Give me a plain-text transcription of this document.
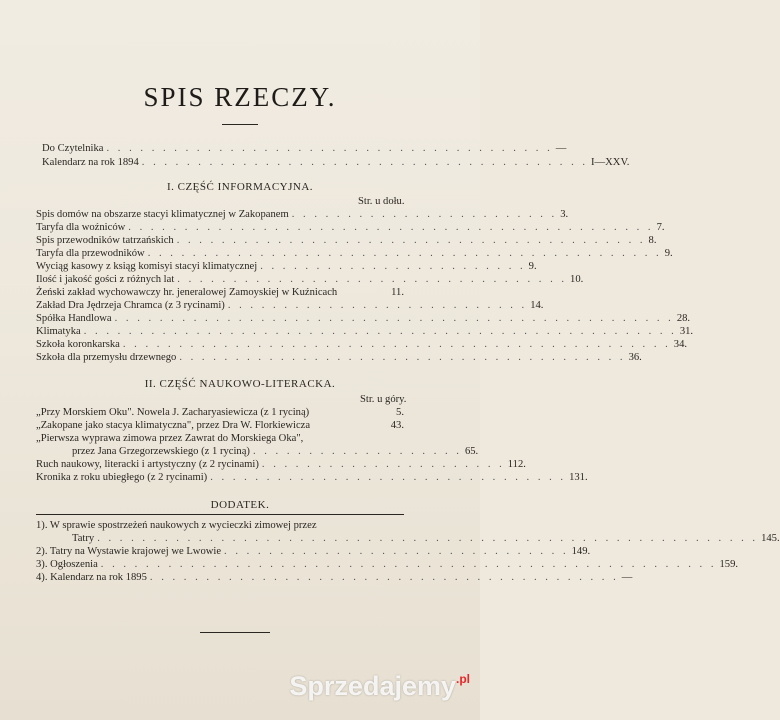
SPIS RZECZY.
Do Czytelnika . . . . . . . . . . . . . . . . . . . . . . . . . . . . . . . . . . . . . . . . —
Kalendarz na rok 1894 . . . . . . . . . . . . . . . . . . . . . . . . . . . . . . . . . . . . . . . . I—XXV.
I. CZĘŚĆ INFORMACYJNA.
Str. u dołu.
Spis domów na obszarze stacyi klimatycznej w Zakopanem . . . . . . . . . . . . . . . . . . . . . . . . 3.
Taryfa dla woźniców . . . . . . . . . . . . . . . . . . . . . . . . . . . . . . . . . . . . . . . . . . . . . . . 7.
Spis przewodników tatrzańskich . . . . . . . . . . . . . . . . . . . . . . . . . . . . . . . . . . . . . . . . . . 8.
Taryfa dla przewodników . . . . . . . . . . . . . . . . . . . . . . . . . . . . . . . . . . . . . . . . . . . . . . 9.
Wyciąg kasowy z ksiąg komisyi stacyi klimatycznej . . . . . . . . . . . . . . . . . . . . . . . . 9.
Ilość i jakość gości z różnych lat . . . . . . . . . . . . . . . . . . . . . . . . . . . . . . . . . . . 10.
Żeński zakład wychowawczy hr. jeneralowej Zamoyskiej w Kuźnicach	11.
Zakład Dra Jędrzeja Chramca (z 3 rycinami) . . . . . . . . . . . . . . . . . . . . . . . . . . . 14.
Spółka Handlowa . . . . . . . . . . . . . . . . . . . . . . . . . . . . . . . . . . . . . . . . . . . . . . . . . . 28.
Klimatyka . . . . . . . . . . . . . . . . . . . . . . . . . . . . . . . . . . . . . . . . . . . . . . . . . . . . . 31.
Szkoła koronkarska . . . . . . . . . . . . . . . . . . . . . . . . . . . . . . . . . . . . . . . . . . . . . . . . . 34.
Szkoła dla przemysłu drzewnego . . . . . . . . . . . . . . . . . . . . . . . . . . . . . . . . . . . . . . . . 36.
II. CZĘŚĆ NAUKOWO-LITERACKA.
Str. u góry.
„Przy Morskiem Oku". Nowela J. Zacharyasiewicza (z 1 ryciną)	5.
„Zakopane jako stacya klimatyczna", przez Dra W. Florkiewicza	43.
„Pierwsza wyprawa zimowa przez Zawrat do Morskiega Oka",
przez Jana Grzegorzewskiego (z 1 ryciną) . . . . . . . . . . . . . . . . . . . 65.
Ruch naukowy, literacki i artystyczny (z 2 rycinami) . . . . . . . . . . . . . . . . . . . . . . 112.
Kronika z roku ubiegłego (z 2 rycinami) . . . . . . . . . . . . . . . . . . . . . . . . . . . . . . . . 131.
DODATEK.
1). W sprawie spostrzeżeń naukowych z wycieczki zimowej przez
Tatry . . . . . . . . . . . . . . . . . . . . . . . . . . . . . . . . . . . . . . . . . . . . . . . . . . . . . . . . . . . 145.
2). Tatry na Wystawie krajowej we Lwowie . . . . . . . . . . . . . . . . . . . . . . . . . . . . . . . 149.
3). Ogłoszenia . . . . . . . . . . . . . . . . . . . . . . . . . . . . . . . . . . . . . . . . . . . . . . . . . . . . . . . 159.
4). Kalendarz na rok 1895 . . . . . . . . . . . . . . . . . . . . . . . . . . . . . . . . . . . . . . . . . . —
Sprzedajemy$^{.pl}$
